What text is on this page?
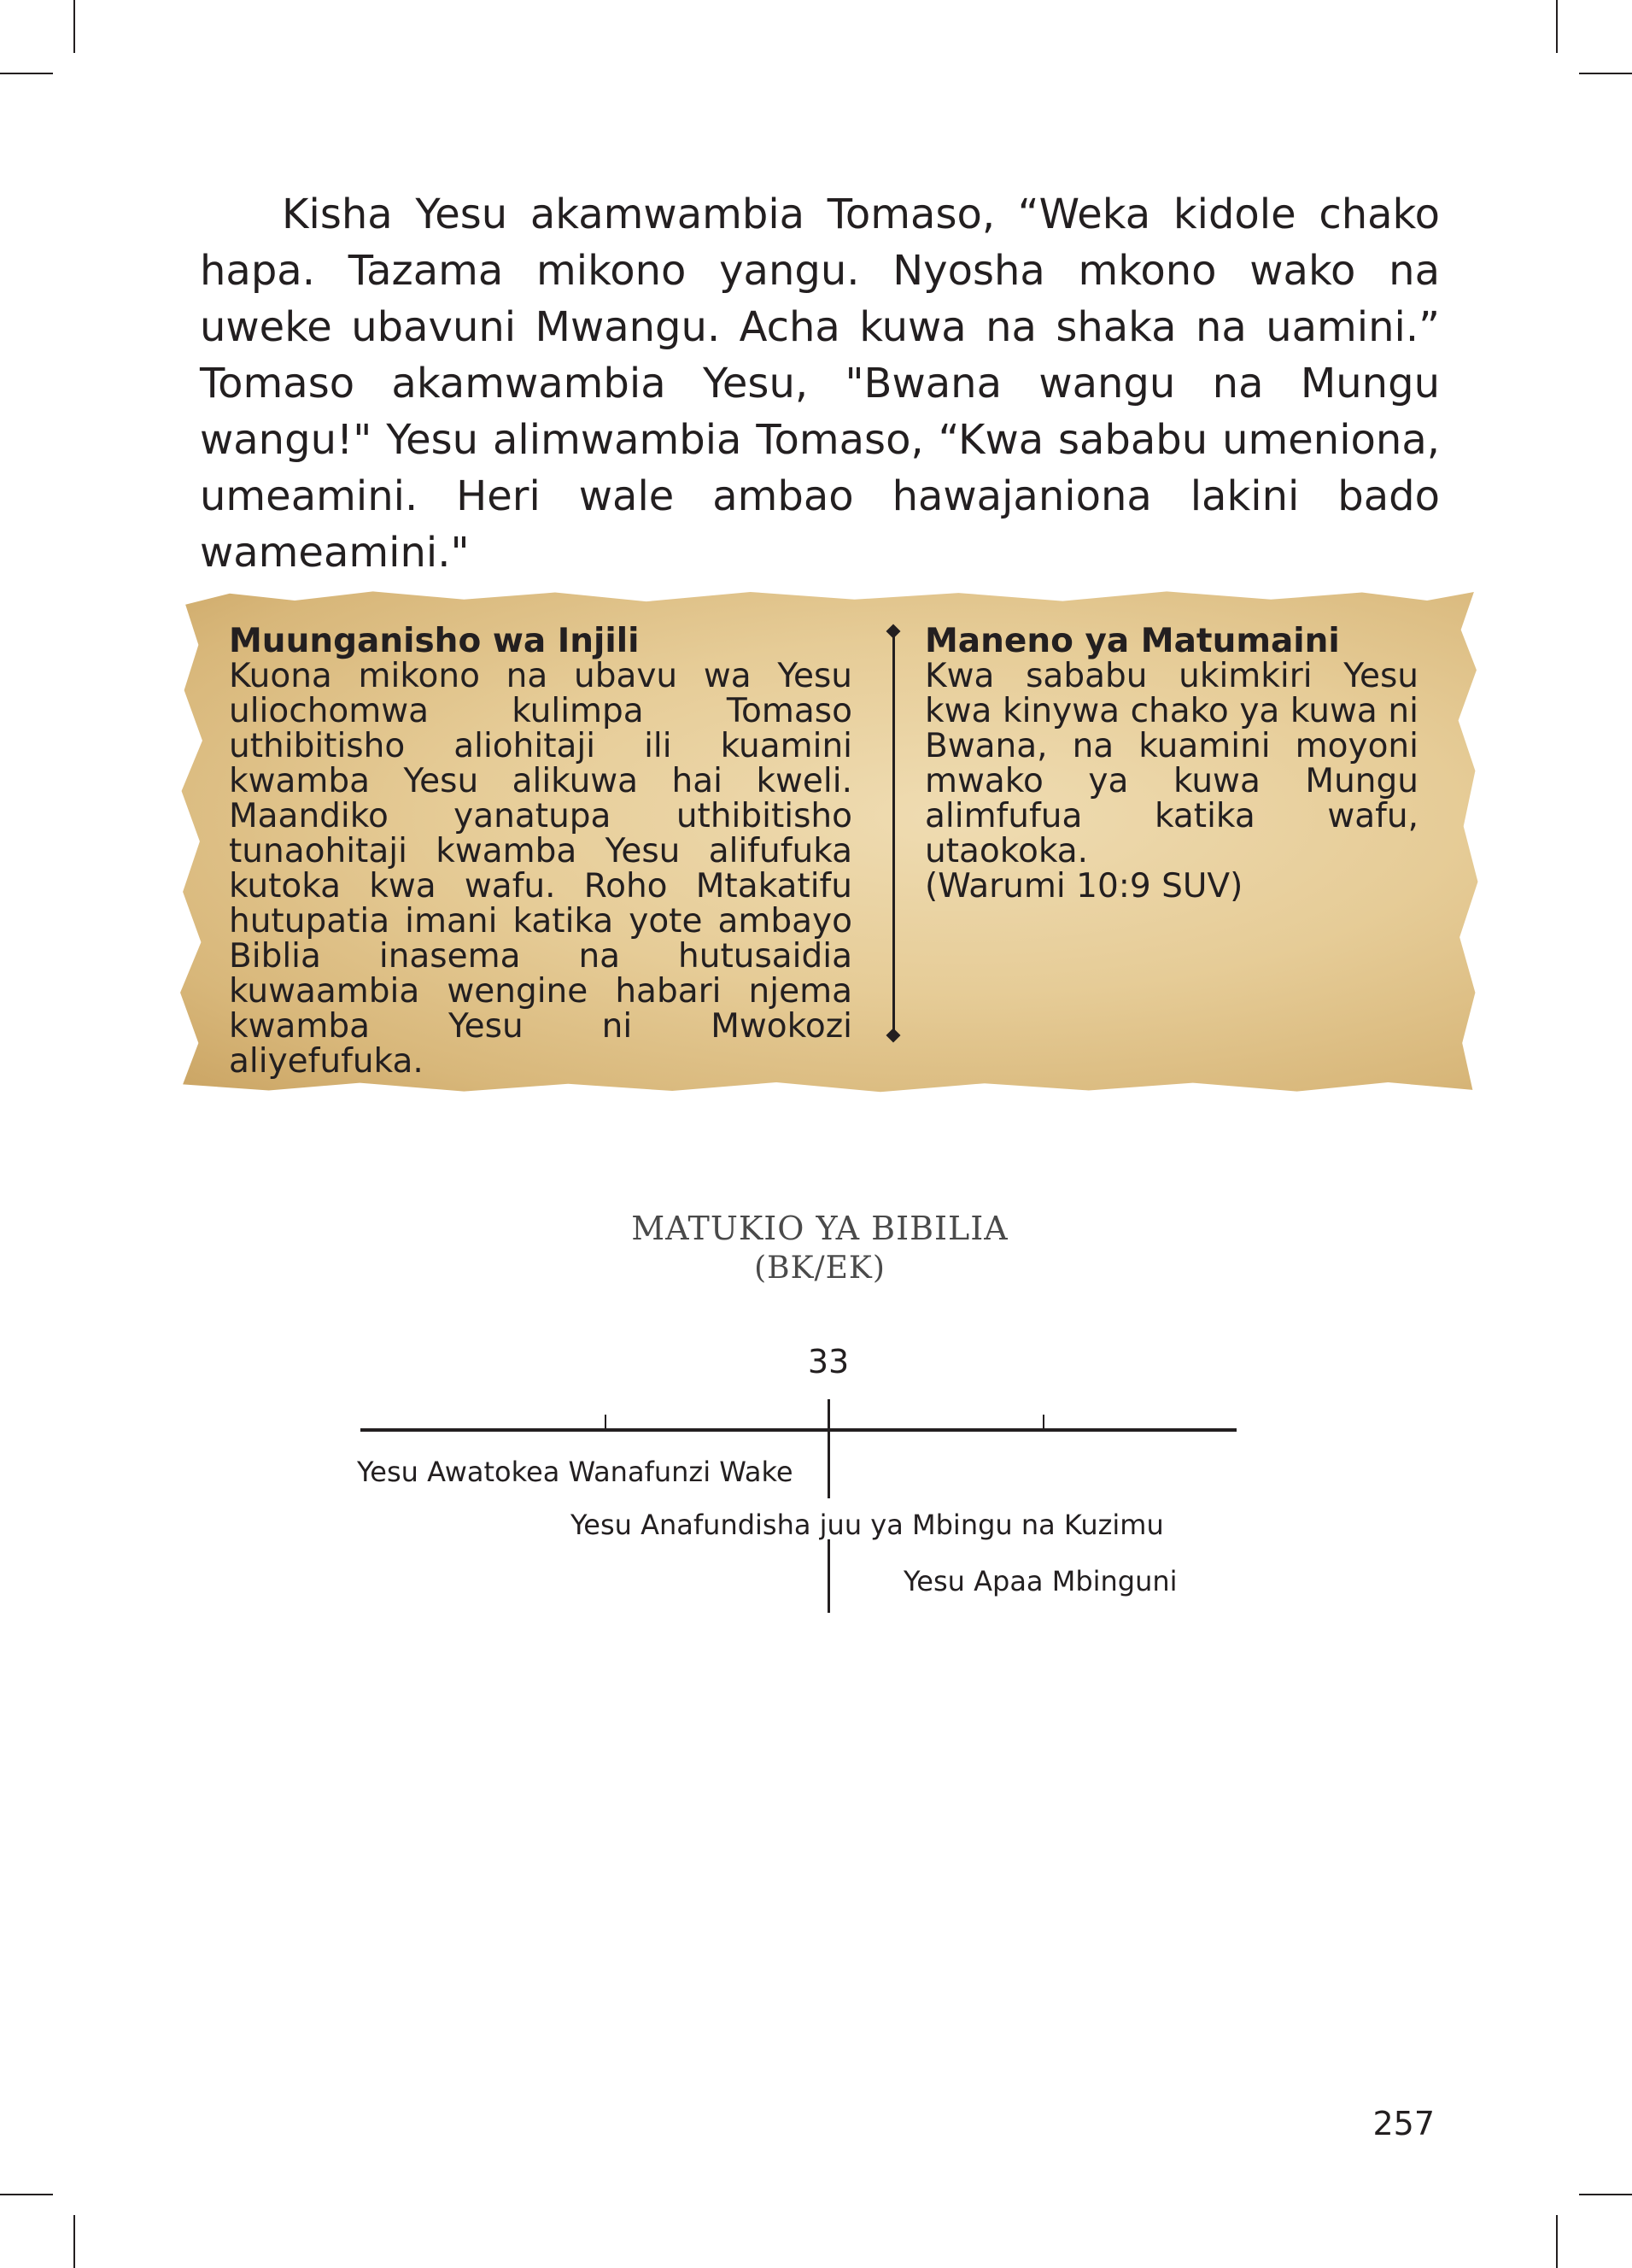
Kisha Yesu akamwambia Tomaso, “Weka kidole chako hapa. Tazama mikono yangu. Nyosha mkono wako na uweke ubavuni Mwangu. Acha kuwa na shaka na uamini.” Tomaso akamwambia Yesu, "Bwana wangu na Mungu wangu!" Yesu alimwambia Tomaso, “Kwa sababu umeniona, umeamini. Heri wale ambao hawajaniona lakini bado wameamini."

Muunganisho wa Injili

Kuona mikono na ubavu wa Yesu uliochomwa kulimpa Tomaso uthibitisho aliohitaji ili kuamini kwamba Yesu alikuwa hai kweli. Maandiko yanatupa uthibitisho tunaohitaji kwamba Yesu alifufuka kutoka kwa wafu. Roho Mtakatifu hutupatia imani katika yote ambayo Biblia inasema na hutusaidia kuwaambia wengine habari njema kwamba Yesu ni Mwokozi aliyefufuka.

Maneno ya Matumaini

Kwa sababu ukimkiri Yesu kwa kinywa chako ya kuwa ni Bwana, na kuamini moyoni mwako ya kuwa Mungu alimfufua katika wafu, utaokoka.

(Warumi 10:9 SUV)

MATUKIO YA BIBILIA
(BK/EK)
33
Yesu Awatokea Wanafunzi Wake
Yesu Anafundisha juu ya Mbingu na Kuzimu
Yesu Apaa Mbinguni
257
